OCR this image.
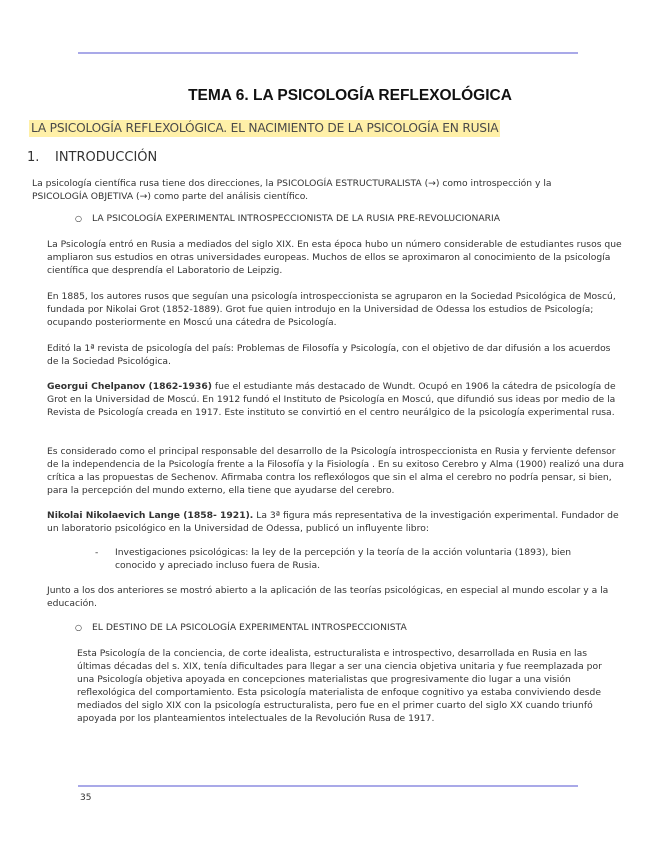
TEMA 6. LA PSICOLOGÍA REFLEXOLÓGICA
LA PSICOLOGÍA REFLEXOLÓGICA. EL NACIMIENTO DE LA PSICOLOGÍA EN RUSIA
1. INTRODUCCIÓN

La psicología científica rusa tiene dos direcciones, la PSICOLOGÍA ESTRUCTURALISTA (→) como introspección y la PSICOLOGÍA OBJETIVA (→) como parte del análisis científico.

○ LA PSICOLOGÍA EXPERIMENTAL INTROSPECCIONISTA DE LA RUSIA PRE-REVOLUCIONARIA

La Psicología entró en Rusia a mediados del siglo XIX. En esta época hubo un número considerable de estudiantes rusos que ampliaron sus estudios en otras universidades europeas. Muchos de ellos se aproximaron al conocimiento de la psicología científica que desprendía el Laboratorio de Leipzig.

En 1885, los autores rusos que seguían una psicología introspeccionista se agruparon en la Sociedad Psicológica de Moscú, fundada por Nikolai Grot (1852-1889). Grot fue quien introdujo en la Universidad de Odessa los estudios de Psicología; ocupando posteriormente en Moscú una cátedra de Psicología.

Editó la 1ª revista de psicología del país: Problemas de Filosofía y Psicología, con el objetivo de dar difusión a los acuerdos de la Sociedad Psicológica.

Georgui Chelpanov (1862-1936) fue el estudiante más destacado de Wundt. Ocupó en 1906 la cátedra de psicología de Grot en la Universidad de Moscú. En 1912 fundó el Instituto de Psicología en Moscú, que difundió sus ideas por medio de la Revista de Psicología creada en 1917. Este instituto se convirtió en el centro neurálgico de la psicología experimental rusa.

Es considerado como el principal responsable del desarrollo de la Psicología introspeccionista en Rusia y ferviente defensor de la independencia de la Psicología frente a la Filosofía y la Fisiología . En su exitoso Cerebro y Alma (1900) realizó una dura crítica a las propuestas de Sechenov. Afirmaba contra los reflexólogos que sin el alma el cerebro no podría pensar, si bien, para la percepción del mundo externo, ella tiene que ayudarse del cerebro.

Nikolai Nikolaevich Lange (1858- 1921). La 3ª figura más representativa de la investigación experimental. Fundador de un laboratorio psicológico en la Universidad de Odessa, publicó un influyente libro:

- Investigaciones psicológicas: la ley de la percepción y la teoría de la acción voluntaria (1893), bien conocido y apreciado incluso fuera de Rusia.

Junto a los dos anteriores se mostró abierto a la aplicación de las teorías psicológicas, en especial al mundo escolar y a la educación.

○ EL DESTINO DE LA PSICOLOGÍA EXPERIMENTAL INTROSPECCIONISTA

Esta Psicología de la conciencia, de corte idealista, estructuralista e introspectivo, desarrollada en Rusia en las últimas décadas del s. XIX, tenía dificultades para llegar a ser una ciencia objetiva unitaria y fue reemplazada por una Psicología objetiva apoyada en concepciones materialistas que progresivamente dio lugar a una visión reflexológica del comportamiento. Esta psicología materialista de enfoque cognitivo ya estaba conviviendo desde mediados del siglo XIX con la psicología estructuralista, pero fue en el primer cuarto del siglo XX cuando triunfó apoyada por los planteamientos intelectuales de la Revolución Rusa de 1917.

35
